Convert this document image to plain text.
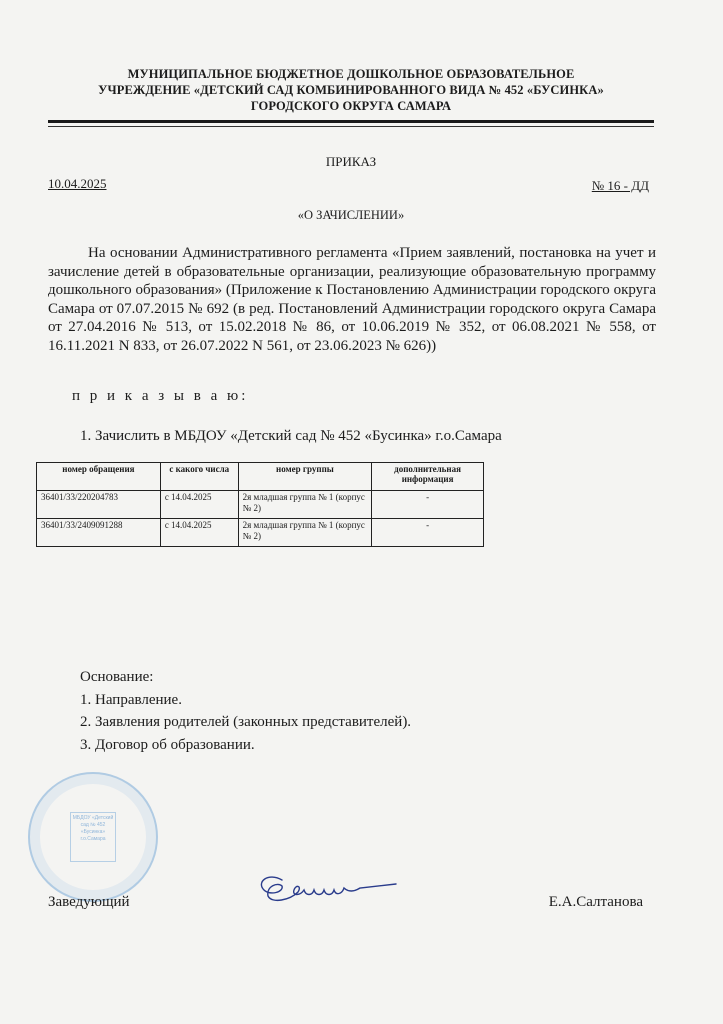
МУНИЦИПАЛЬНОЕ БЮДЖЕТНОЕ ДОШКОЛЬНОЕ ОБРАЗОВАТЕЛЬНОЕ
УЧРЕЖДЕНИЕ «ДЕТСКИЙ САД КОМБИНИРОВАННОГО ВИДА № 452 «БУСИНКА»
ГОРОДСКОГО ОКРУГА САМАРА
ПРИКАЗ
10.04.2025	№ 16 - ДД
«О ЗАЧИСЛЕНИИ»
На основании Административного регламента «Прием заявлений, постановка на учет и зачисление детей в образовательные организации, реализующие образовательную программу дошкольного образования» (Приложение к Постановлению Администрации городского округа Самара от 07.07.2015 № 692 (в ред. Постановлений Администрации городского округа Самара от 27.04.2016 № 513, от 15.02.2018 № 86, от 10.06.2019 № 352, от 06.08.2021 № 558, от 16.11.2021 N 833, от 26.07.2022 N 561, от 23.06.2023 № 626))
п р и к а з ы в а ю:
1. Зачислить в МБДОУ «Детский сад № 452 «Бусинка» г.о.Самара
номер обращения	с какого числа	номер группы	дополнительная информация
36401/33/220204783	с 14.04.2025	2я младшая группа № 1 (корпус № 2)	-
36401/33/2409091288	с 14.04.2025	2я младшая группа № 1 (корпус № 2)	-
Основание:
1. Направление.
2. Заявления родителей (законных представителей).
3. Договор об образовании.
МБДОУ «Детский сад № 452 «Бусинка» г.о.Самара
Заведующий	Е.А.Салтанова
